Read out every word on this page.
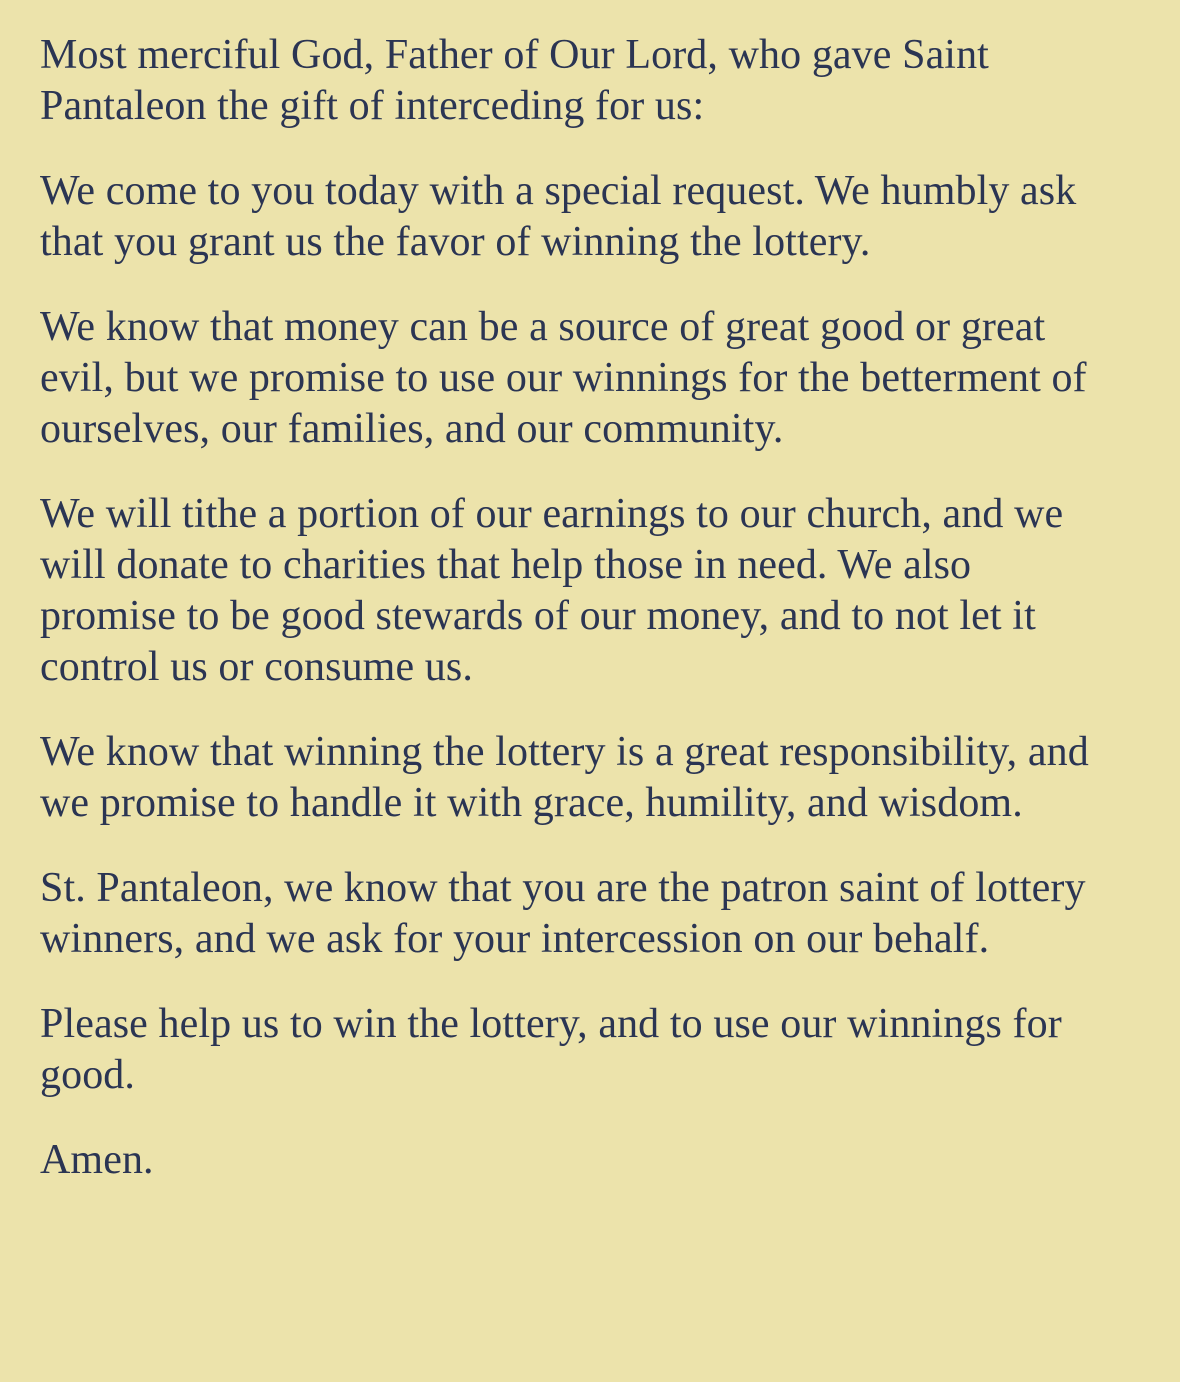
Most merciful God, Father of Our Lord, who gave Saint Pantaleon the gift of interceding for us:

We come to you today with a special request. We humbly ask that you grant us the favor of winning the lottery.

We know that money can be a source of great good or great evil, but we promise to use our winnings for the betterment of ourselves, our families, and our community.

We will tithe a portion of our earnings to our church, and we will donate to charities that help those in need. We also promise to be good stewards of our money, and to not let it control us or consume us.

We know that winning the lottery is a great responsibility, and we promise to handle it with grace, humility, and wisdom.

St. Pantaleon, we know that you are the patron saint of lottery winners, and we ask for your intercession on our behalf.

Please help us to win the lottery, and to use our winnings for good.

Amen.
